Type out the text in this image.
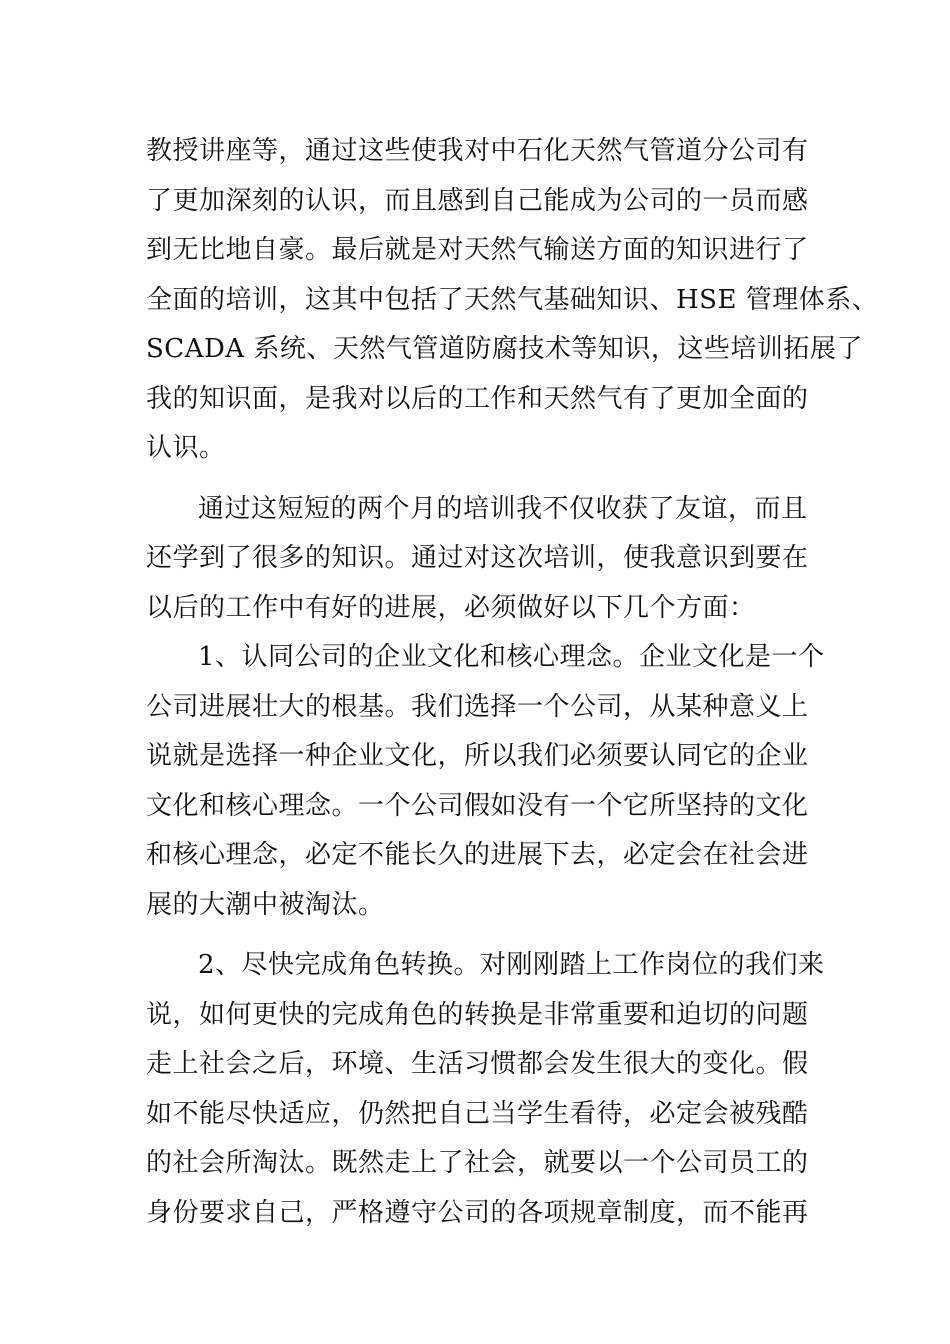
教授讲座等，通过这些使我对中石化天然气管道分公司有
了更加深刻的认识，而且感到自己能成为公司的一员而感
到无比地自豪。最后就是对天然气输送方面的知识进行了
全面的培训，这其中包括了天然气基础知识、HSE 管理体系、
SCADA 系统、天然气管道防腐技术等知识，这些培训拓展了
我的知识面，是我对以后的工作和天然气有了更加全面的
认识。
通过这短短的两个月的培训我不仅收获了友谊，而且
还学到了很多的知识。通过对这次培训，使我意识到要在
以后的工作中有好的进展，必须做好以下几个方面：
1、认同公司的企业文化和核心理念。企业文化是一个
公司进展壮大的根基。我们选择一个公司，从某种意义上
说就是选择一种企业文化，所以我们必须要认同它的企业
文化和核心理念。一个公司假如没有一个它所坚持的文化
和核心理念，必定不能长久的进展下去，必定会在社会进
展的大潮中被淘汰。
2、尽快完成角色转换。对刚刚踏上工作岗位的我们来
说，如何更快的完成角色的转换是非常重要和迫切的问题
走上社会之后，环境、生活习惯都会发生很大的变化。假
如不能尽快适应，仍然把自己当学生看待，必定会被残酷
的社会所淘汰。既然走上了社会，就要以一个公司员工的
身份要求自己，严格遵守公司的各项规章制度，而不能再
